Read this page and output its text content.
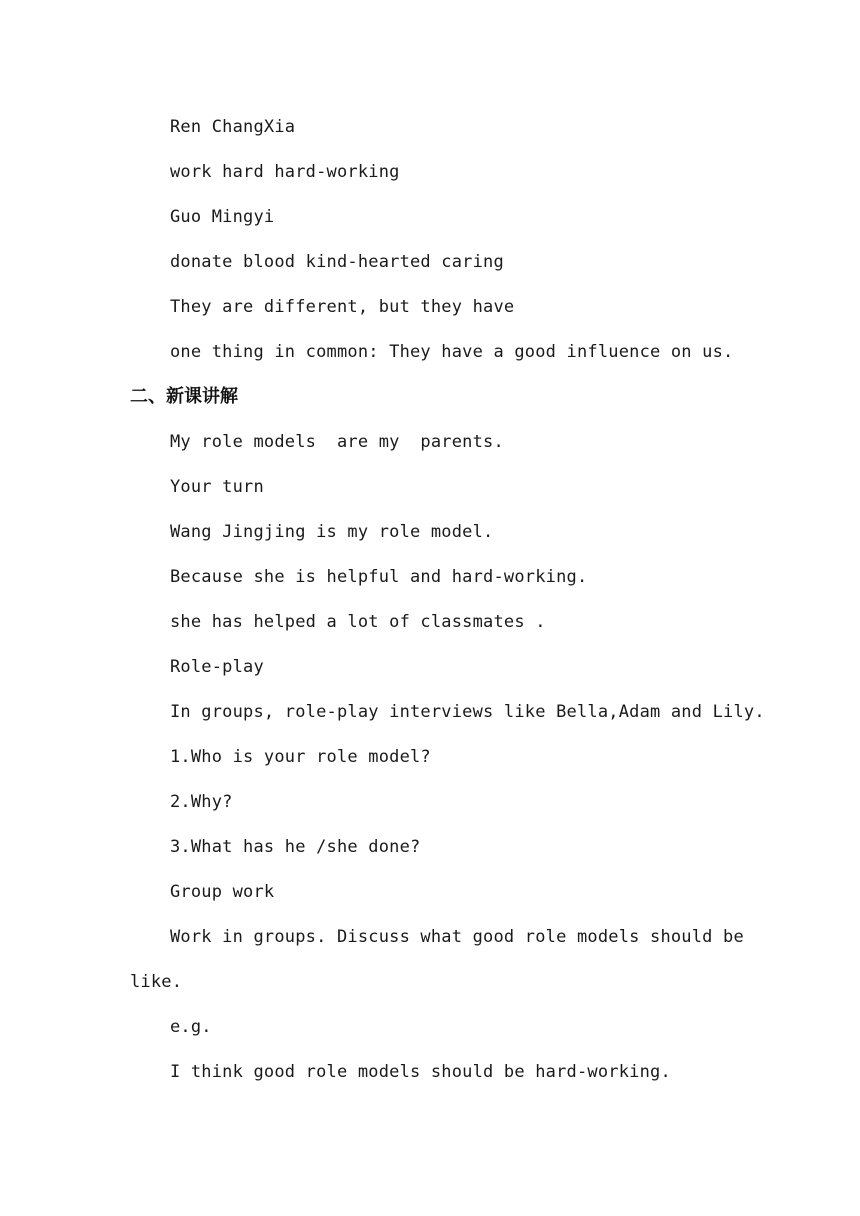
Ren ChangXia

work hard hard-working

Guo Mingyi

donate blood kind-hearted caring

They are different, but they have

one thing in common: They have a good influence on us.

二、新课讲解

My role models  are my  parents.

Your turn

Wang Jingjing is my role model.

Because she is helpful and hard-working.

she has helped a lot of classmates .

Role-play

In groups, role-play interviews like Bella,Adam and Lily.

1.Who is your role model?

2.Why?

3.What has he /she done?

Group work

Work in groups. Discuss what good role models should be

like.

e.g.

I think good role models should be hard-working.
